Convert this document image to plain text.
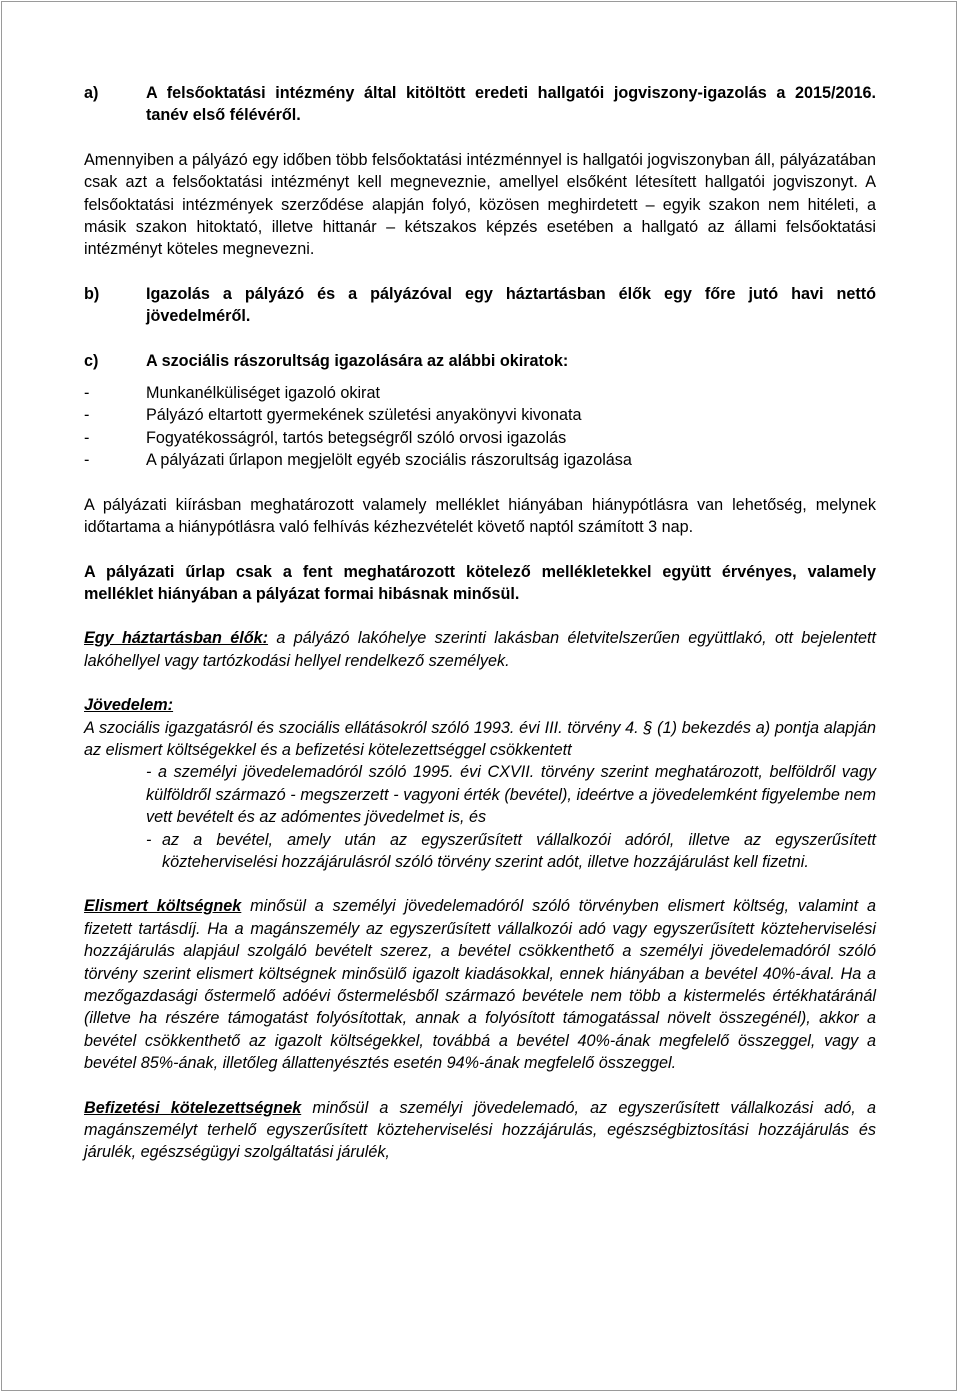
a)	A felsőoktatási intézmény által kitöltött eredeti hallgatói jogviszony-igazolás a 2015/2016. tanév első félévéről.

Amennyiben a pályázó egy időben több felsőoktatási intézménnyel is hallgatói jogviszonyban áll, pályázatában csak azt a felsőoktatási intézményt kell megneveznie, amellyel elsőként létesített hallgatói jogviszonyt. A felsőoktatási intézmények szerződése alapján folyó, közösen meghirdetett – egyik szakon nem hitéleti, a másik szakon hitoktató, illetve hittanár – kétszakos képzés esetében a hallgató az állami felsőoktatási intézményt köteles megnevezni.

b)	Igazolás a pályázó és a pályázóval egy háztartásban élők egy főre jutó havi nettó jövedelméről.
c)	A szociális rászorultság igazolására az alábbi okiratok:
-	Munkanélküliséget igazoló okirat
-	Pályázó eltartott gyermekének születési anyakönyvi kivonata
-	Fogyatékosságról, tartós betegségről szóló orvosi igazolás
-	A pályázati űrlapon megjelölt egyéb szociális rászorultság igazolása

A pályázati kiírásban meghatározott valamely melléklet hiányában hiánypótlásra van lehetőség, melynek időtartama a hiánypótlásra való felhívás kézhezvételét követő naptól számított 3 nap.

A pályázati űrlap csak a fent meghatározott kötelező mellékletekkel együtt érvényes, valamely melléklet hiányában a pályázat formai hibásnak minősül.

Egy háztartásban élők: a pályázó lakóhelye szerinti lakásban életvitelszerűen együttlakó, ott bejelentett lakóhellyel vagy tartózkodási hellyel rendelkező személyek.

Jövedelem:

A szociális igazgatásról és szociális ellátásokról szóló 1993. évi III. törvény 4. § (1) bekezdés a) pontja alapján az elismert költségekkel és a befizetési kötelezettséggel csökkentett

- a személyi jövedelemadóról szóló 1995. évi CXVII. törvény szerint meghatározott, belföldről vagy külföldről származó - megszerzett - vagyoni érték (bevétel), ideértve a jövedelemként figyelembe nem vett bevételt és az adómentes jövedelmet is, és
- az a bevétel, amely után az egyszerűsített vállalkozói adóról, illetve az egyszerűsített közteherviselési hozzájárulásról szóló törvény szerint adót, illetve hozzájárulást kell fizetni.

Elismert költségnek minősül a személyi jövedelemadóról szóló törvényben elismert költség, valamint a fizetett tartásdíj. Ha a magánszemély az egyszerűsített vállalkozói adó vagy egyszerűsített közteherviselési hozzájárulás alapjául szolgáló bevételt szerez, a bevétel csökkenthető a személyi jövedelemadóról szóló törvény szerint elismert költségnek minősülő igazolt kiadásokkal, ennek hiányában a bevétel 40%-ával. Ha a mezőgazdasági őstermelő adóévi őstermelésből származó bevétele nem több a kistermelés értékhatáránál (illetve ha részére támogatást folyósítottak, annak a folyósított támogatással növelt összegénél), akkor a bevétel csökkenthető az igazolt költségekkel, továbbá a bevétel 40%-ának megfelelő összeggel, vagy a bevétel 85%-ának, illetőleg állattenyésztés esetén 94%-ának megfelelő összeggel.

Befizetési kötelezettségnek minősül a személyi jövedelemadó, az egyszerűsített vállalkozási adó, a magánszemélyt terhelő egyszerűsített közteherviselési hozzájárulás, egészségbiztosítási hozzájárulás és járulék, egészségügyi szolgáltatási járulék,
